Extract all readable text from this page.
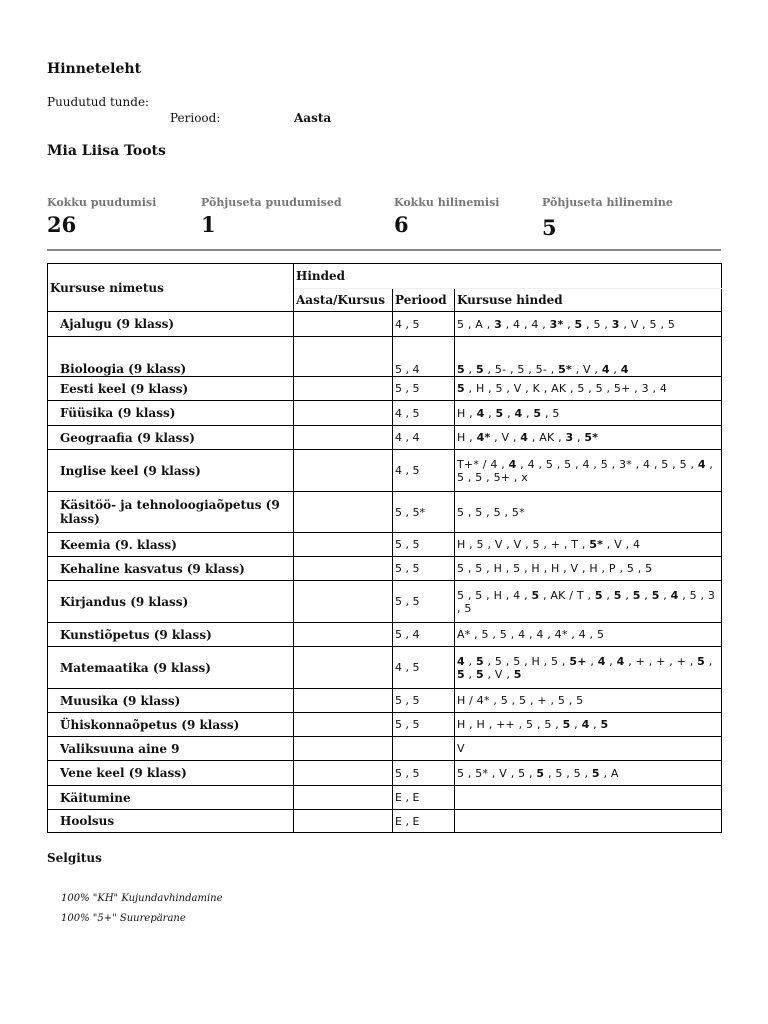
Hinneteleht
Puudutud tunde:
Periood:	Aasta
Mia Liisa Toots
Kokku puudumisi
26
Põhjuseta puudumised
1
Kokku hilinemisi
6
Põhjuseta hilinemine
5
Kursuse nimetus	Hinded		
	Aasta/Kursus	Periood	Kursuse hinded
Ajalugu (9 klass)		4 , 5	5 , A , 3 , 4 , 4 , 3* , 5 , 5 , 3 , V , 5 , 5
Bioloogia (9 klass)		5 , 4	5 , 5 , 5- , 5 , 5- , 5* , V , 4 , 4
Eesti keel (9 klass)		5 , 5	5 , H , 5 , V , K , AK , 5 , 5 , 5+ , 3 , 4
Füüsika (9 klass)		4 , 5	H , 4 , 5 , 4 , 5 , 5
Geograafia (9 klass)		4 , 4	H , 4* , V , 4 , AK , 3 , 5*
Inglise keel (9 klass)		4 , 5	T+* / 4 , 4 , 4 , 5 , 5 , 4 , 5 , 3* , 4 , 5 , 5 , 4 , 5 , 5 , 5+ , x
Käsitöö- ja tehnoloogiaõpetus (9 klass)		5 , 5*	5 , 5 , 5 , 5*
Keemia (9. klass)		5 , 5	H , 5 , V , V , 5 , + , T , 5* , V , 4
Kehaline kasvatus (9 klass)		5 , 5	5 , 5 , H , 5 , H , H , V , H , P , 5 , 5
Kirjandus (9 klass)		5 , 5	5 , 5 , H , 4 , 5 , AK / T , 5 , 5 , 5 , 5 , 4 , 5 , 3 , 5
Kunstiõpetus (9 klass)		5 , 4	A* , 5 , 5 , 4 , 4 , 4* , 4 , 5
Matemaatika (9 klass)		4 , 5	4 , 5 , 5 , 5 , H , 5 , 5+ , 4 , 4 , + , + , + , 5 , 5 , 5 , V , 5
Muusika (9 klass)		5 , 5	H / 4* , 5 , 5 , + , 5 , 5
Ühiskonnaõpetus (9 klass)		5 , 5	H , H , ++ , 5 , 5 , 5 , 4 , 5
Valiksuuna aine 9			V
Vene keel (9 klass)		5 , 5	5 , 5* , V , 5 , 5 , 5 , 5 , 5 , A
Käitumine		E , E	
Hoolsus		E , E	
Selgitus
100% "KH" Kujundavhindamine
100% "5+" Suurepärane
